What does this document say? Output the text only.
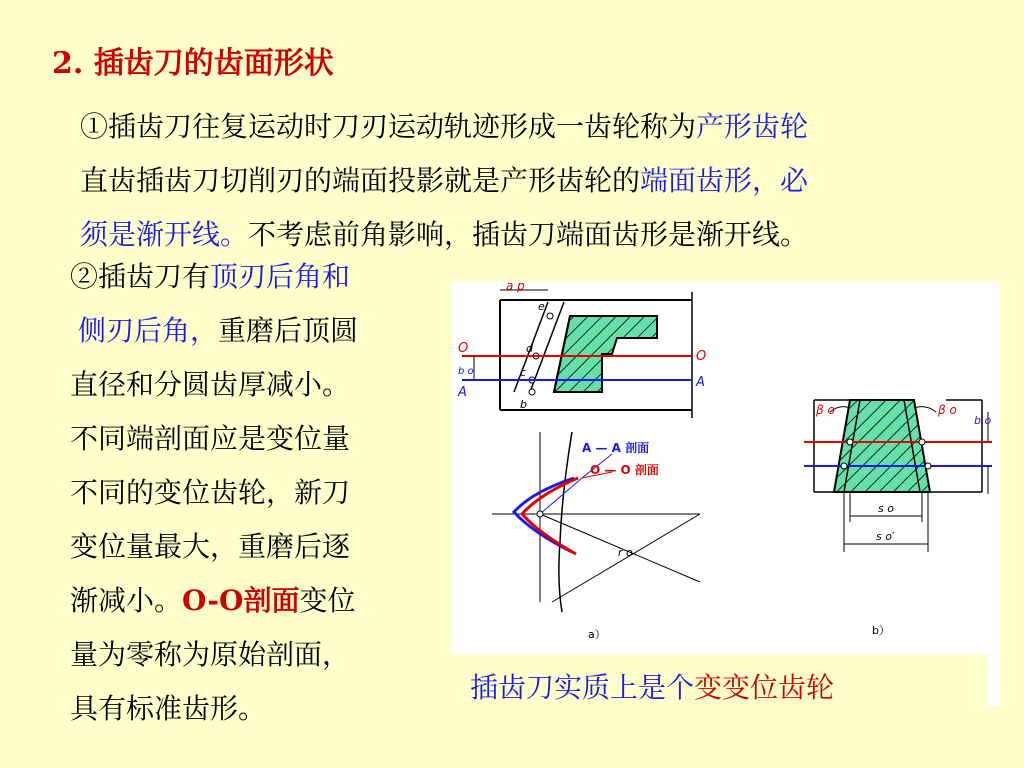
2. 插齿刀的齿面形状
①插齿刀往复运动时刀刃运动轨迹形成一齿轮称为产形齿轮
直齿插齿刀切削刃的端面投影就是产形齿轮的端面齿形，必
须是渐开线。不考虑前角影响，插齿刀端面齿形是渐开线。
②插齿刀有顶刃后角和
侧刃后角，重磨后顶圆
直径和分圆齿厚减小。
不同端剖面应是变位量
不同的变位齿轮，新刀
变位量最大，重磨后逐
渐减小。O-O剖面变位
量为零称为原始剖面，
具有标准齿形。
a p
e
d
c
b
O
O
A
A
b o
A — A 剖面
O — O 剖面
r o
a）
β o	β o
b o
s o
s o′
b）
插齿刀实质上是个变变位齿轮
